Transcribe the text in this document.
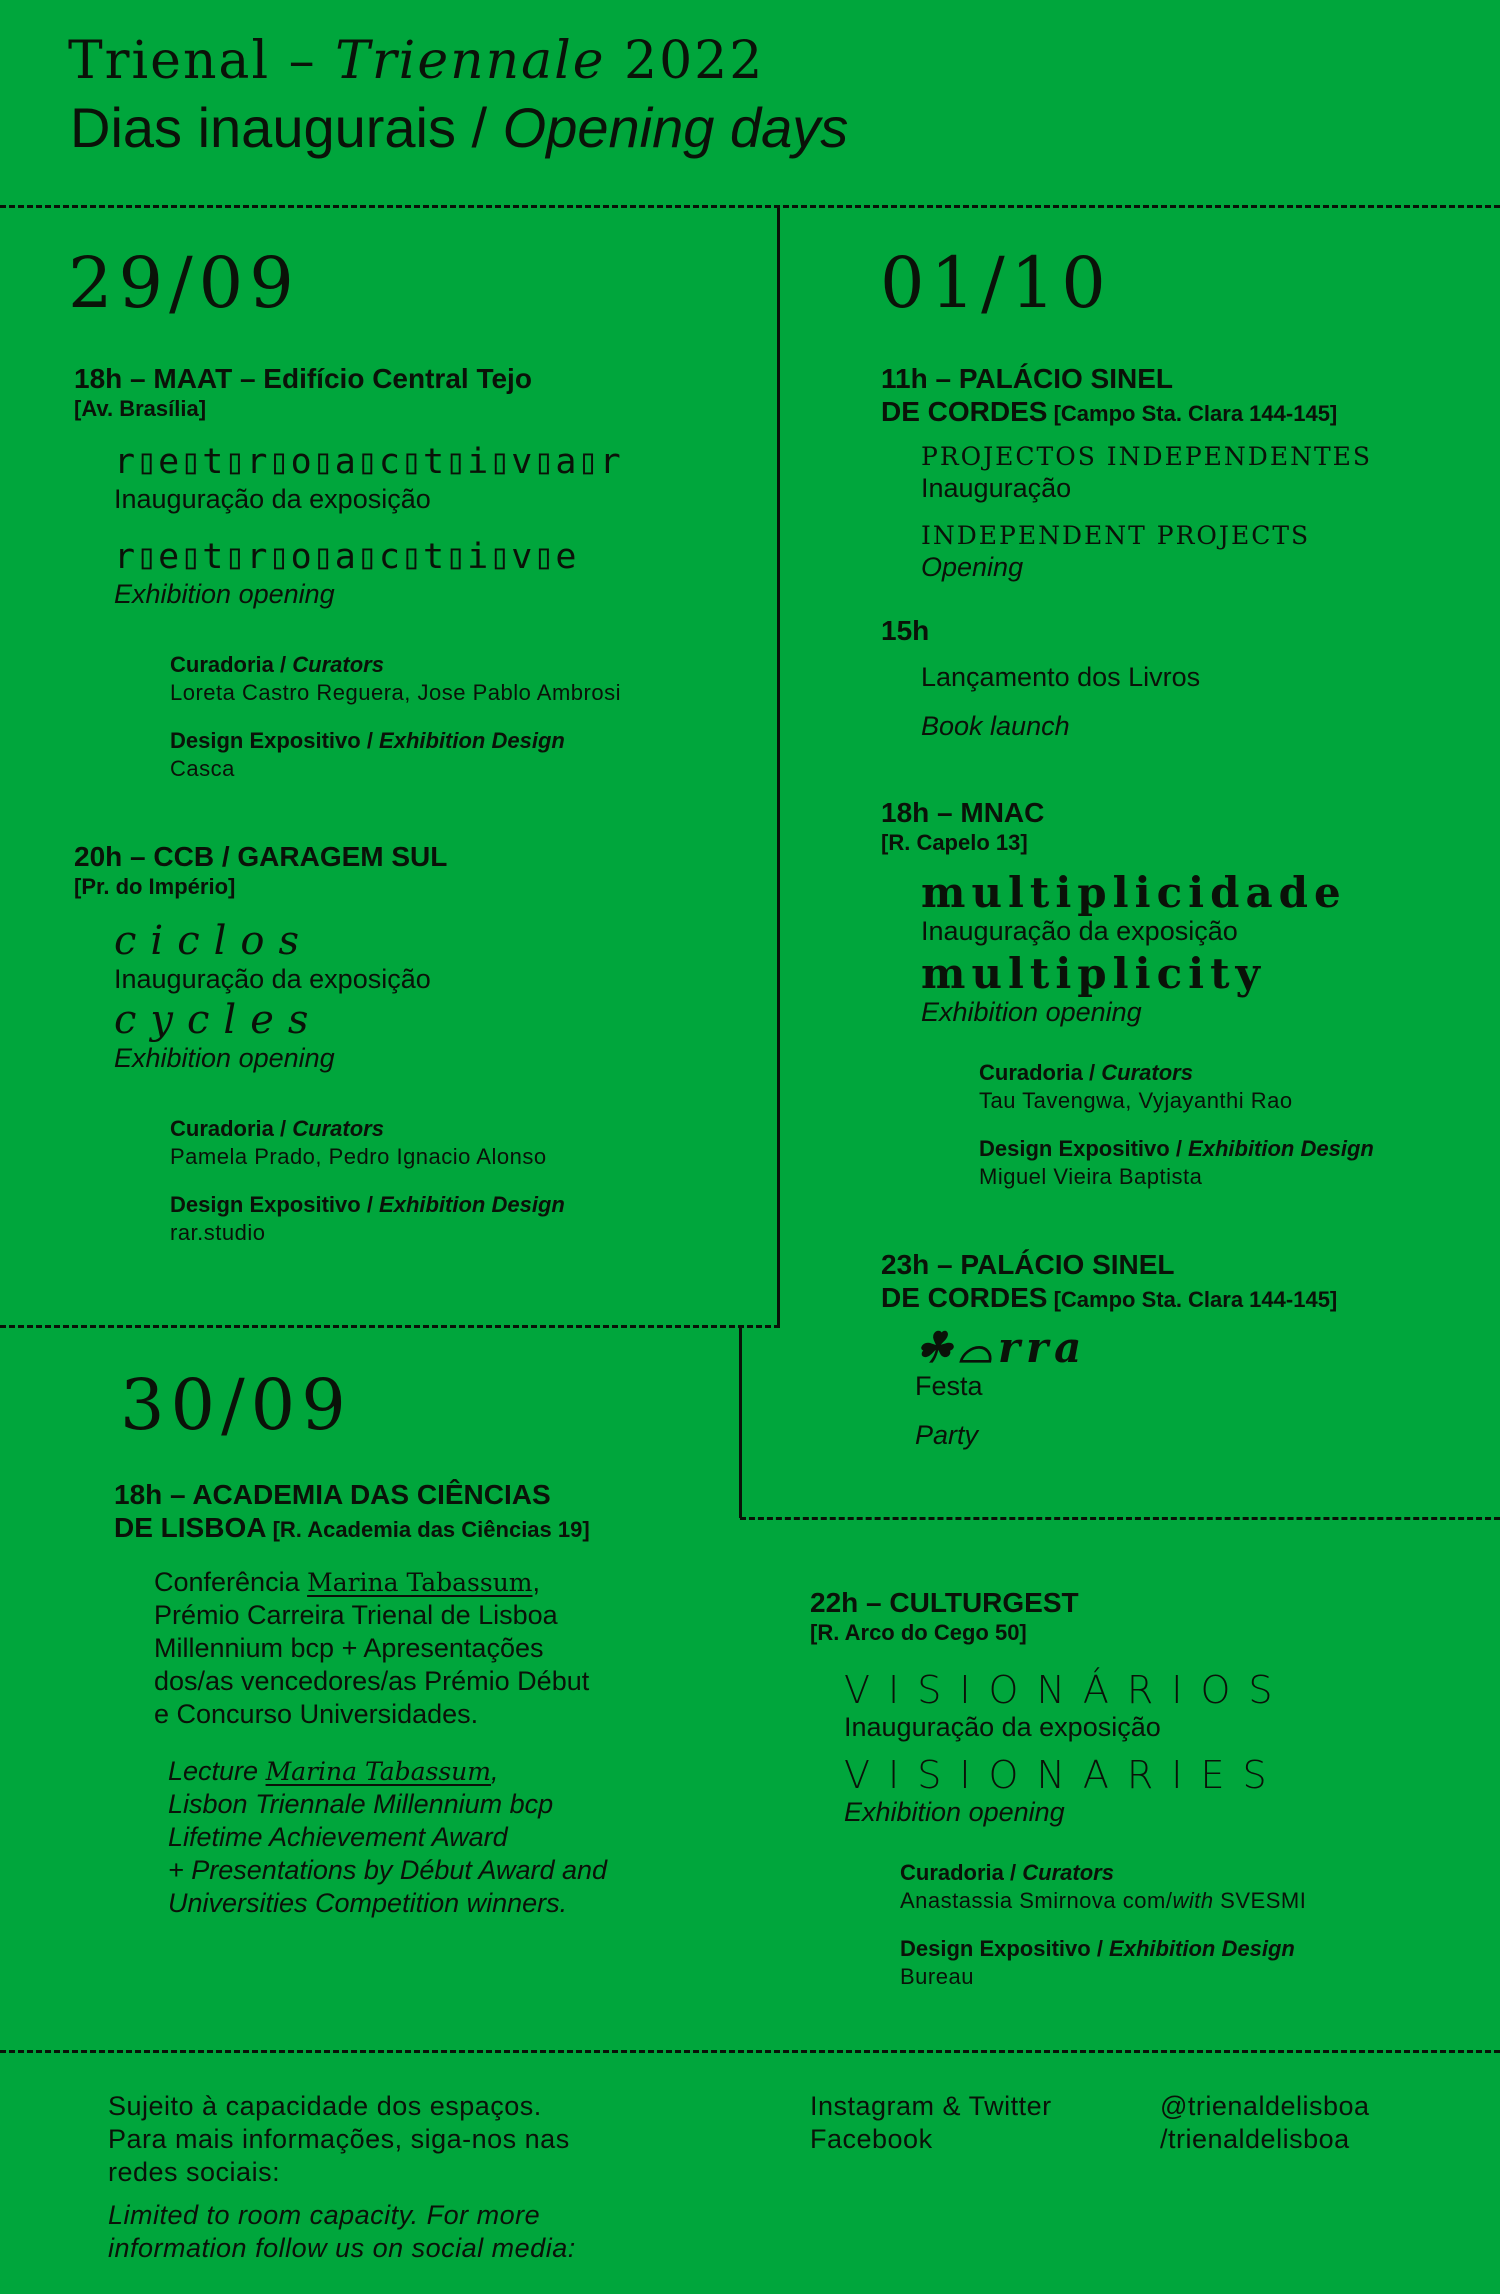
Trienal – Triennale 2022
Dias inaugurais / Opening days
29/09
18h – MAAT – Edifício Central Tejo
[Av. Brasília]
r▯e▯t▯r▯o▯a▯c▯t▯i▯v▯a▯r
Inauguração da exposição
r▯e▯t▯r▯o▯a▯c▯t▯i▯v▯e
Exhibition opening
Curadoria / Curators
Loreta Castro Reguera, Jose Pablo Ambrosi
Design Expositivo / Exhibition Design
Casca
20h – CCB / GARAGEM SUL
[Pr. do Império]
ciclos
Inauguração da exposição
cycles
Exhibition opening
Curadoria / Curators
Pamela Prado, Pedro Ignacio Alonso
Design Expositivo / Exhibition Design
rar.studio
30/09
18h – ACADEMIA DAS CIÊNCIAS
DE LISBOA [R. Academia das Ciências 19]
Conferência Marina Tabassum,
Prémio Carreira Trienal de Lisboa
Millennium bcp + Apresentações
dos/as vencedores/as Prémio Début
e Concurso Universidades.
Lecture Marina Tabassum,
Lisbon Triennale Millennium bcp
Lifetime Achievement Award
+ Presentations by Début Award and
Universities Competition winners.
01/10
11h – PALÁCIO SINEL
DE CORDES [Campo Sta. Clara 144-145]
PROJECTOS INDEPENDENTES
Inauguração
INDEPENDENT PROJECTS
Opening
15h
Lançamento dos Livros
Book launch
18h – MNAC
[R. Capelo 13]
multiplicidade
Inauguração da exposição
multiplicity
Exhibition opening
Curadoria / Curators
Tau Tavengwa, Vyjayanthi Rao
Design Expositivo / Exhibition Design
Miguel Vieira Baptista
23h – PALÁCIO SINEL
DE CORDES [Campo Sta. Clara 144-145]
☘⌓rra
Festa
Party
22h – CULTURGEST
[R. Arco do Cego 50]
VISIONÁRIOS
Inauguração da exposição
VISIONARIES
Exhibition opening
Curadoria / Curators
Anastassia Smirnova com/with SVESMI
Design Expositivo / Exhibition Design
Bureau
Sujeito à capacidade dos espaços.
Para mais informações, siga-nos nas
redes sociais:
Limited to room capacity. For more
information follow us on social media:
Instagram & Twitter
Facebook
@trienaldelisboa
/trienaldelisboa
